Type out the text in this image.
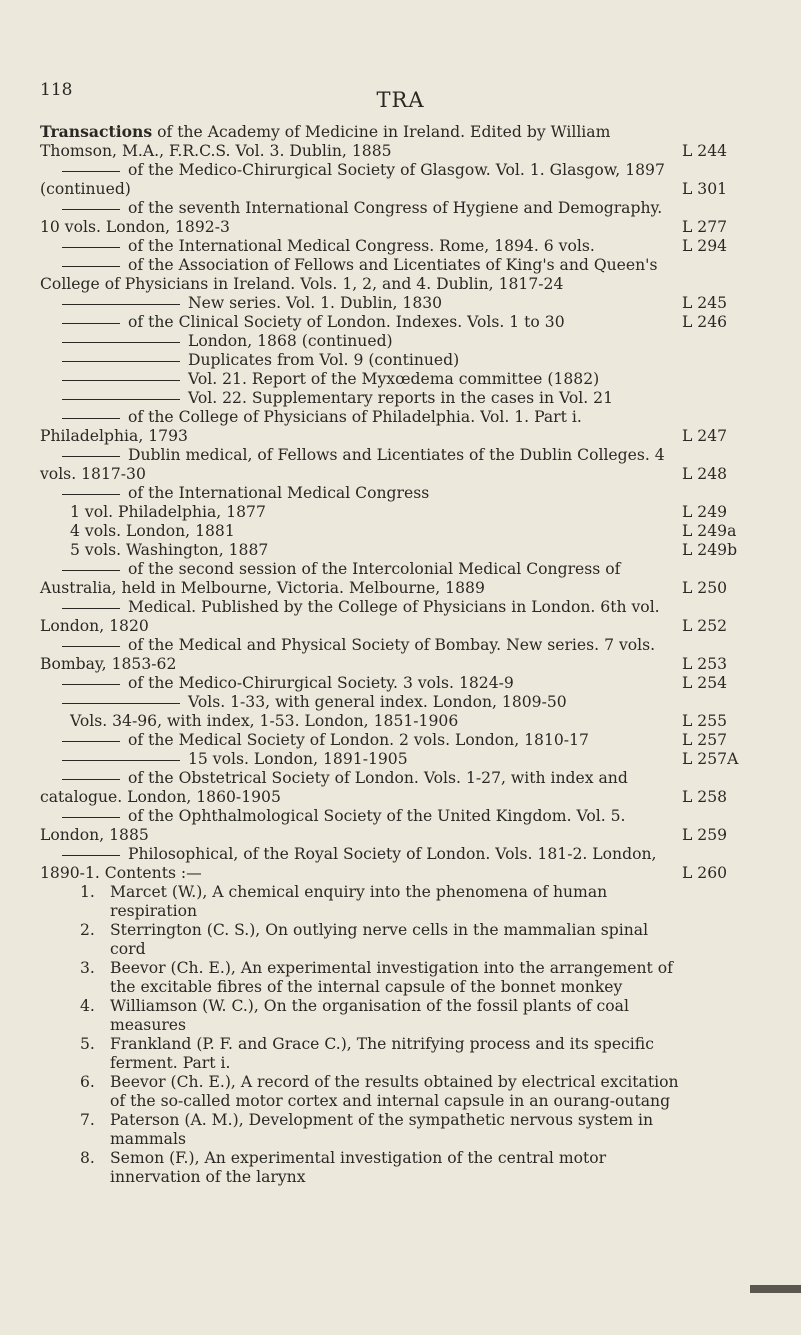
118	TRA
Transactions of the Academy of Medicine in Ireland. Edited by William Thomson, M.A., F.R.C.S. Vol. 3. Dublin, 1885	L 244
of the Medico-Chirurgical Society of Glasgow. Vol. 1. Glasgow, 1897 (continued)	L 301
of the seventh International Congress of Hygiene and Demography. 10 vols. London, 1892-3	L 277
of the International Medical Congress. Rome, 1894. 6 vols.	L 294
of the Association of Fellows and Licentiates of King's and Queen's College of Physicians in Ireland. Vols. 1, 2, and 4. Dublin, 1817-24
New series. Vol. 1. Dublin, 1830	L 245
of the Clinical Society of London. Indexes. Vols. 1 to 30	L 246
London, 1868 (continued)
Duplicates from Vol. 9 (continued)
Vol. 21. Report of the Myxœdema committee (1882)
Vol. 22. Supplementary reports in the cases in Vol. 21
of the College of Physicians of Philadelphia. Vol. 1. Part i. Philadelphia, 1793	L 247
Dublin medical, of Fellows and Licentiates of the Dublin Colleges. 4 vols. 1817-30	L 248
of the International Medical Congress
1 vol. Philadelphia, 1877	L 249
4 vols. London, 1881	L 249a
5 vols. Washington, 1887	L 249b
of the second session of the Intercolonial Medical Congress of Australia, held in Melbourne, Victoria. Melbourne, 1889	L 250
Medical. Published by the College of Physicians in London. 6th vol. London, 1820	L 252
of the Medical and Physical Society of Bombay. New series. 7 vols. Bombay, 1853-62	L 253
of the Medico-Chirurgical Society. 3 vols. 1824-9	L 254
Vols. 1-33, with general index. London, 1809-50
Vols. 34-96, with index, 1-53. London, 1851-1906	L 255
of the Medical Society of London. 2 vols. London, 1810-17	L 257
15 vols. London, 1891-1905	L 257A
of the Obstetrical Society of London. Vols. 1-27, with index and catalogue. London, 1860-1905	L 258
of the Ophthalmological Society of the United Kingdom. Vol. 5. London, 1885	L 259
Philosophical, of the Royal Society of London. Vols. 181-2. London, 1890-1. Contents :—	L 260
1. Marcet (W.), A chemical enquiry into the phenomena of human respiration
2. Sterrington (C. S.), On outlying nerve cells in the mammalian spinal cord
3. Beevor (Ch. E.), An experimental investigation into the arrangement of the excitable fibres of the internal capsule of the bonnet monkey
4. Williamson (W. C.), On the organisation of the fossil plants of coal measures
5. Frankland (P. F. and Grace C.), The nitrifying process and its specific ferment. Part i.
6. Beevor (Ch. E.), A record of the results obtained by electrical excitation of the so-called motor cortex and internal capsule in an ourang-outang
7. Paterson (A. M.), Development of the sympathetic nervous system in mammals
8. Semon (F.), An experimental investigation of the central motor innervation of the larynx
